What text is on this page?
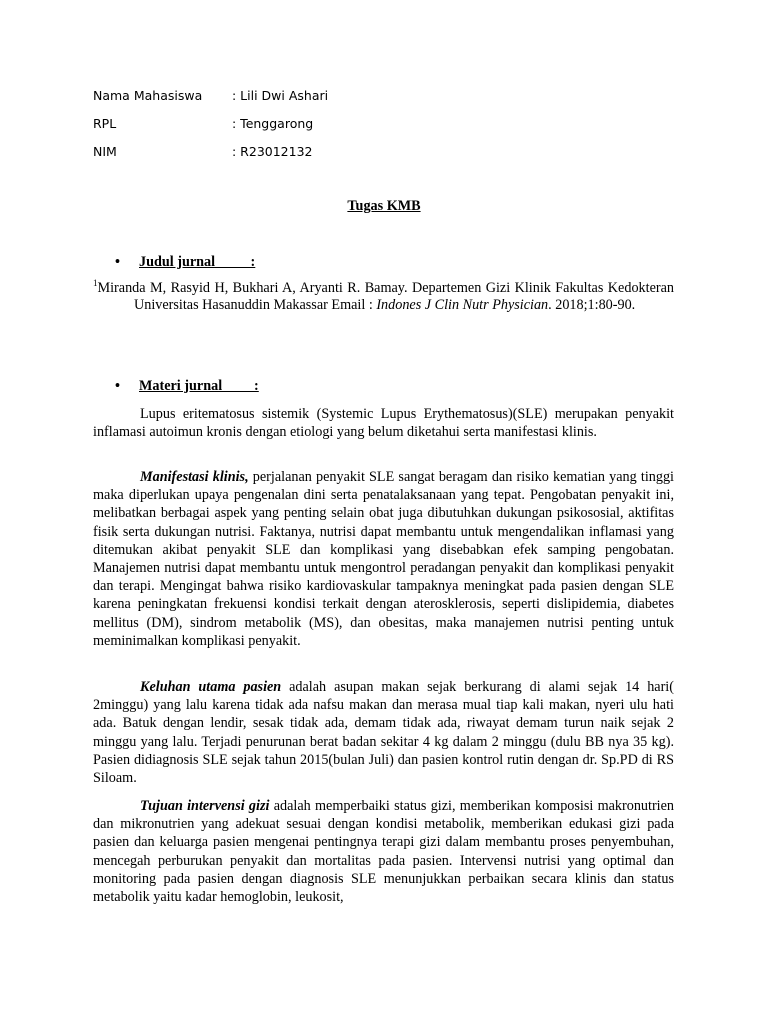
Nama Mahasiswa : Lili Dwi Ashari
RPL	: Tenggarong
NIM	: R23012132
Tugas KMB
• Judul jurnal          :
$^1$Miranda M, Rasyid H, Bukhari A, Aryanti R. Bamay. Departemen Gizi Klinik Fakultas Kedokteran Universitas Hasanuddin Makassar Email : Indones J Clin Nutr Physician. 2018;1:80-90.
• Materi jurnal         :

Lupus eritematosus sistemik (Systemic Lupus Erythematosus)(SLE) merupakan penyakit inflamasi autoimun kronis dengan etiologi yang belum diketahui serta manifestasi klinis.

Manifestasi klinis, perjalanan penyakit SLE sangat beragam dan risiko kematian yang tinggi maka diperlukan upaya pengenalan dini serta penatalaksanaan yang tepat. Pengobatan penyakit ini, melibatkan berbagai aspek yang penting selain obat juga dibutuhkan dukungan psikososial, aktifitas fisik serta dukungan nutrisi. Faktanya, nutrisi dapat membantu untuk mengendalikan inflamasi yang ditemukan akibat penyakit SLE dan komplikasi yang disebabkan efek samping pengobatan. Manajemen nutrisi dapat membantu untuk mengontrol peradangan penyakit dan komplikasi penyakit dan terapi. Mengingat bahwa risiko kardiovaskular tampaknya meningkat pada pasien dengan SLE karena peningkatan frekuensi kondisi terkait dengan aterosklerosis, seperti dislipidemia, diabetes mellitus (DM), sindrom metabolik (MS), dan obesitas, maka manajemen nutrisi penting untuk meminimalkan komplikasi penyakit.

Keluhan utama pasien adalah asupan makan sejak berkurang di alami sejak 14 hari( 2minggu) yang lalu karena tidak ada nafsu makan dan merasa mual tiap kali makan, nyeri ulu hati ada. Batuk dengan lendir, sesak tidak ada, demam tidak ada, riwayat demam turun naik sejak 2 minggu yang lalu. Terjadi penurunan berat badan sekitar 4 kg dalam 2 minggu (dulu BB nya 35 kg). Pasien didiagnosis SLE sejak tahun 2015(bulan Juli) dan pasien kontrol rutin dengan dr. Sp.PD di RS Siloam.

Tujuan intervensi gizi adalah memperbaiki status gizi, memberikan komposisi makronutrien dan mikronutrien yang adekuat sesuai dengan kondisi metabolik, memberikan edukasi gizi pada pasien dan keluarga pasien mengenai pentingnya terapi gizi dalam membantu proses penyembuhan, mencegah perburukan penyakit dan mortalitas pada pasien. Intervensi nutrisi yang optimal dan monitoring pada pasien dengan diagnosis SLE menunjukkan perbaikan secara klinis dan status metabolik yaitu kadar hemoglobin, leukosit,
